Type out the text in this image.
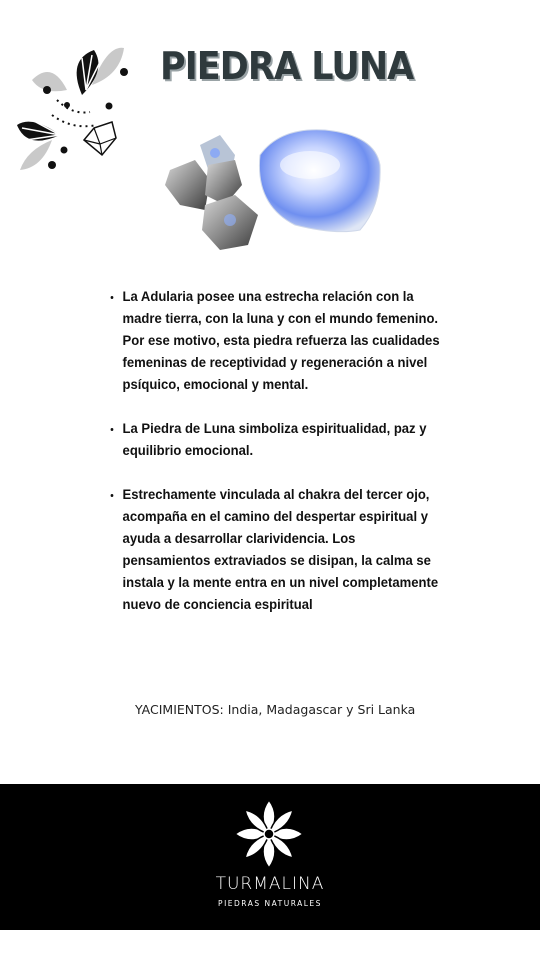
PIEDRA LUNA
• La Adularia posee una estrecha relación con la madre tierra, con la luna y con el mundo femenino. Por ese motivo, esta piedra refuerza las cualidades femeninas de receptividad y regeneración a nivel psíquico, emocional y mental.
• La Piedra de Luna simboliza espiritualidad, paz y equilibrio emocional.
• Estrechamente vinculada al chakra del tercer ojo, acompaña en el camino del despertar espiritual y ayuda a desarrollar clarividencia. Los pensamientos extraviados se disipan, la calma se instala y la mente entra en un nivel completamente nuevo de conciencia espiritual
YACIMIENTOS: India, Madagascar y Sri Lanka
TURMALINA
PIEDRAS NATURALES
